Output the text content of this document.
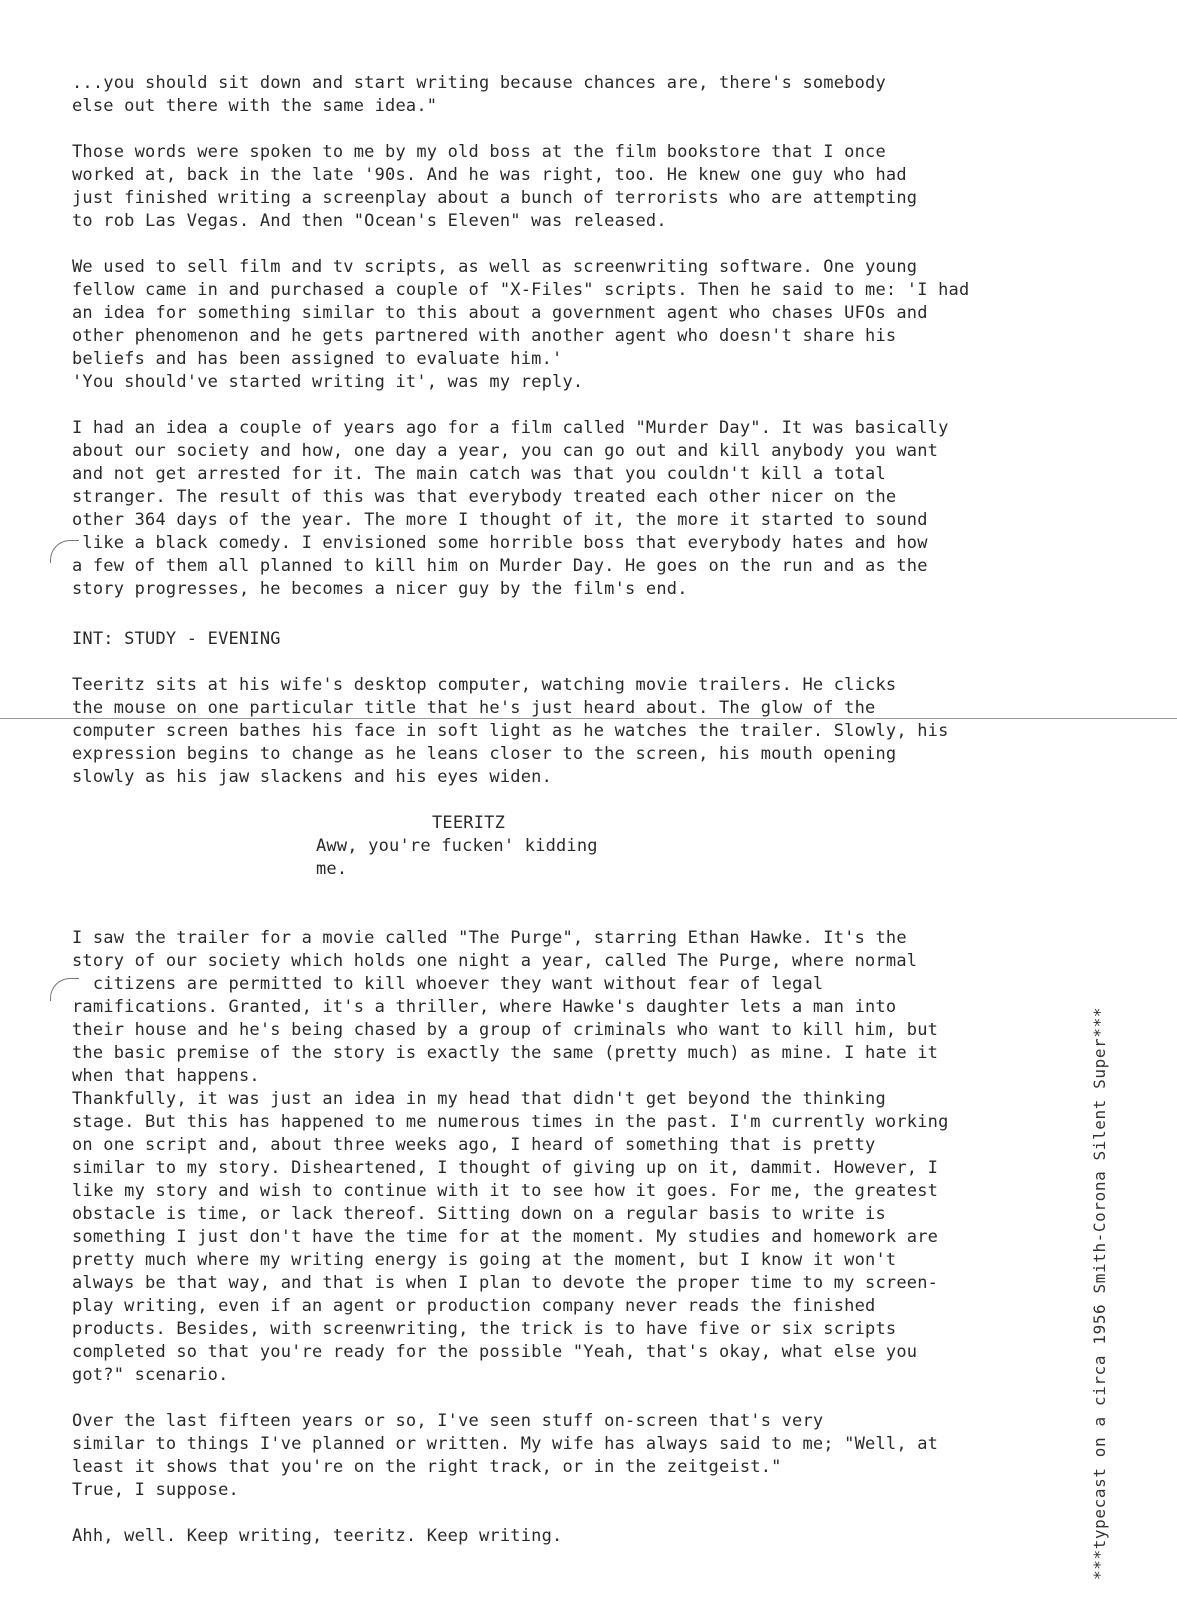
...you should sit down and start writing because chances are, there's somebody
else out there with the same idea."
Those words were spoken to me by my old boss at the film bookstore that I once
worked at, back in the late '90s. And he was right, too. He knew one guy who had
just finished writing a screenplay about a bunch of terrorists who are attempting
to rob Las Vegas. And then "Ocean's Eleven" was released.
We used to sell film and tv scripts, as well as screenwriting software. One young
fellow came in and purchased a couple of "X-Files" scripts. Then he said to me: 'I had
an idea for something similar to this about a government agent who chases UFOs and
other phenomenon and he gets partnered with another agent who doesn't share his
beliefs and has been assigned to evaluate him.'
'You should've started writing it', was my reply.
I had an idea a couple of years ago for a film called "Murder Day". It was basically
about our society and how, one day a year, you can go out and kill anybody you want
and not get arrested for it. The main catch was that you couldn't kill a total
stranger. The result of this was that everybody treated each other nicer on the
other 364 days of the year. The more I thought of it, the more it started to sound
like a black comedy. I envisioned some horrible boss that everybody hates and how
a few of them all planned to kill him on Murder Day. He goes on the run and as the
story progresses, he becomes a nicer guy by the film's end.
INT: STUDY - EVENING
Teeritz sits at his wife's desktop computer, watching movie trailers. He clicks
the mouse on one particular title that he's just heard about. The glow of the
computer screen bathes his face in soft light as he watches the trailer. Slowly, his
expression begins to change as he leans closer to the screen, his mouth opening
slowly as his jaw slackens and his eyes widen.
TEERITZ
Aww, you're fucken' kidding
me.
I saw the trailer for a movie called "The Purge", starring Ethan Hawke. It's the
story of our society which holds one night a year, called The Purge, where normal
citizens are permitted to kill whoever they want without fear of legal
ramifications. Granted, it's a thriller, where Hawke's daughter lets a man into
their house and he's being chased by a group of criminals who want to kill him, but
the basic premise of the story is exactly the same (pretty much) as mine. I hate it
when that happens.
Thankfully, it was just an idea in my head that didn't get beyond the thinking
stage. But this has happened to me numerous times in the past. I'm currently working
on one script and, about three weeks ago, I heard of something that is pretty
similar to my story. Disheartened, I thought of giving up on it, dammit. However, I
like my story and wish to continue with it to see how it goes. For me, the greatest
obstacle is time, or lack thereof. Sitting down on a regular basis to write is
something I just don't have the time for at the moment. My studies and homework are
pretty much where my writing energy is going at the moment, but I know it won't
always be that way, and that is when I plan to devote the proper time to my screen-
play writing, even if an agent or production company never reads the finished
products. Besides, with screenwriting, the trick is to have five or six scripts
completed so that you're ready for the possible "Yeah, that's okay, what else you
got?" scenario.
Over the last fifteen years or so, I've seen stuff on-screen that's very
similar to things I've planned or written. My wife has always said to me; "Well, at
least it shows that you're on the right track, or in the zeitgeist."
True, I suppose.
Ahh, well. Keep writing, teeritz. Keep writing.	***typecast on a circa 1956 Smith-Corona Silent Super***
